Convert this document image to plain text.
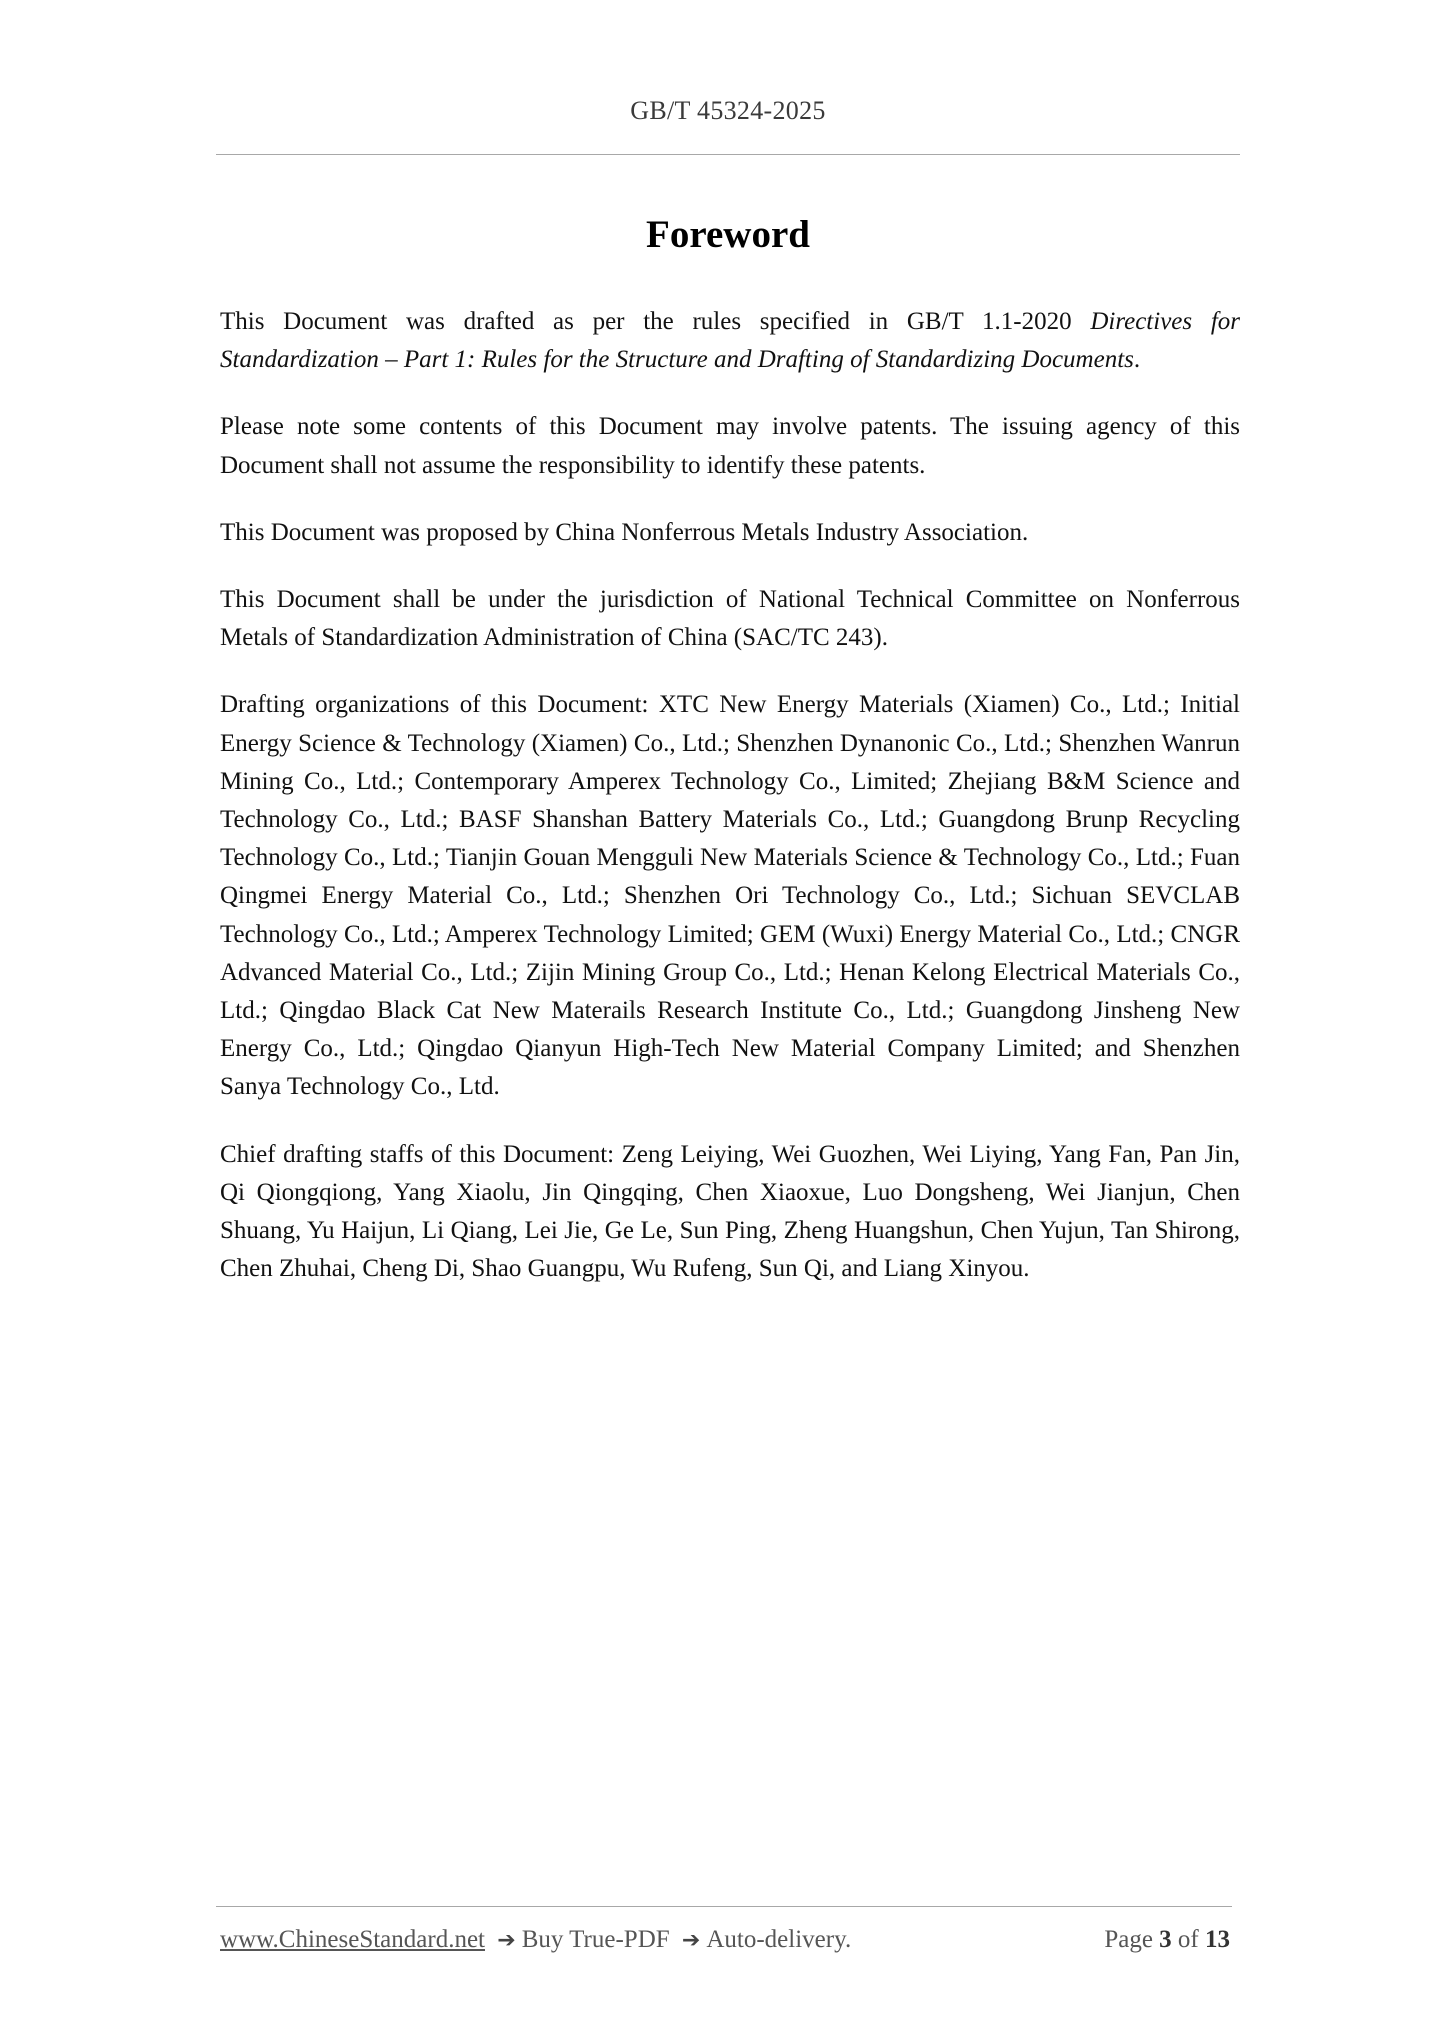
GB/T 45324-2025
Foreword

This Document was drafted as per the rules specified in GB/T 1.1-2020 Directives for Standardization – Part 1: Rules for the Structure and Drafting of Standardizing Documents.

Please note some contents of this Document may involve patents. The issuing agency of this Document shall not assume the responsibility to identify these patents.

This Document was proposed by China Nonferrous Metals Industry Association.

This Document shall be under the jurisdiction of National Technical Committee on Nonferrous Metals of Standardization Administration of China (SAC/TC 243).

Drafting organizations of this Document: XTC New Energy Materials (Xiamen) Co., Ltd.; Initial Energy Science & Technology (Xiamen) Co., Ltd.; Shenzhen Dynanonic Co., Ltd.; Shenzhen Wanrun Mining Co., Ltd.; Contemporary Amperex Technology Co., Limited; Zhejiang B&M Science and Technology Co., Ltd.; BASF Shanshan Battery Materials Co., Ltd.; Guangdong Brunp Recycling Technology Co., Ltd.; Tianjin Gouan Mengguli New Materials Science & Technology Co., Ltd.; Fuan Qingmei Energy Material Co., Ltd.; Shenzhen Ori Technology Co., Ltd.; Sichuan SEVCLAB Technology Co., Ltd.; Amperex Technology Limited; GEM (Wuxi) Energy Material Co., Ltd.; CNGR Advanced Material Co., Ltd.; Zijin Mining Group Co., Ltd.; Henan Kelong Electrical Materials Co., Ltd.; Qingdao Black Cat New Materails Research Institute Co., Ltd.; Guangdong Jinsheng New Energy Co., Ltd.; Qingdao Qianyun High-Tech New Material Company Limited; and Shenzhen Sanya Technology Co., Ltd.

Chief drafting staffs of this Document: Zeng Leiying, Wei Guozhen, Wei Liying, Yang Fan, Pan Jin, Qi Qiongqiong, Yang Xiaolu, Jin Qingqing, Chen Xiaoxue, Luo Dongsheng, Wei Jianjun, Chen Shuang, Yu Haijun, Li Qiang, Lei Jie, Ge Le, Sun Ping, Zheng Huangshun, Chen Yujun, Tan Shirong, Chen Zhuhai, Cheng Di, Shao Guangpu, Wu Rufeng, Sun Qi, and Liang Xinyou.

www.ChineseStandard.net ➔ Buy True-PDF ➔ Auto-delivery.	Page 3 of 13
